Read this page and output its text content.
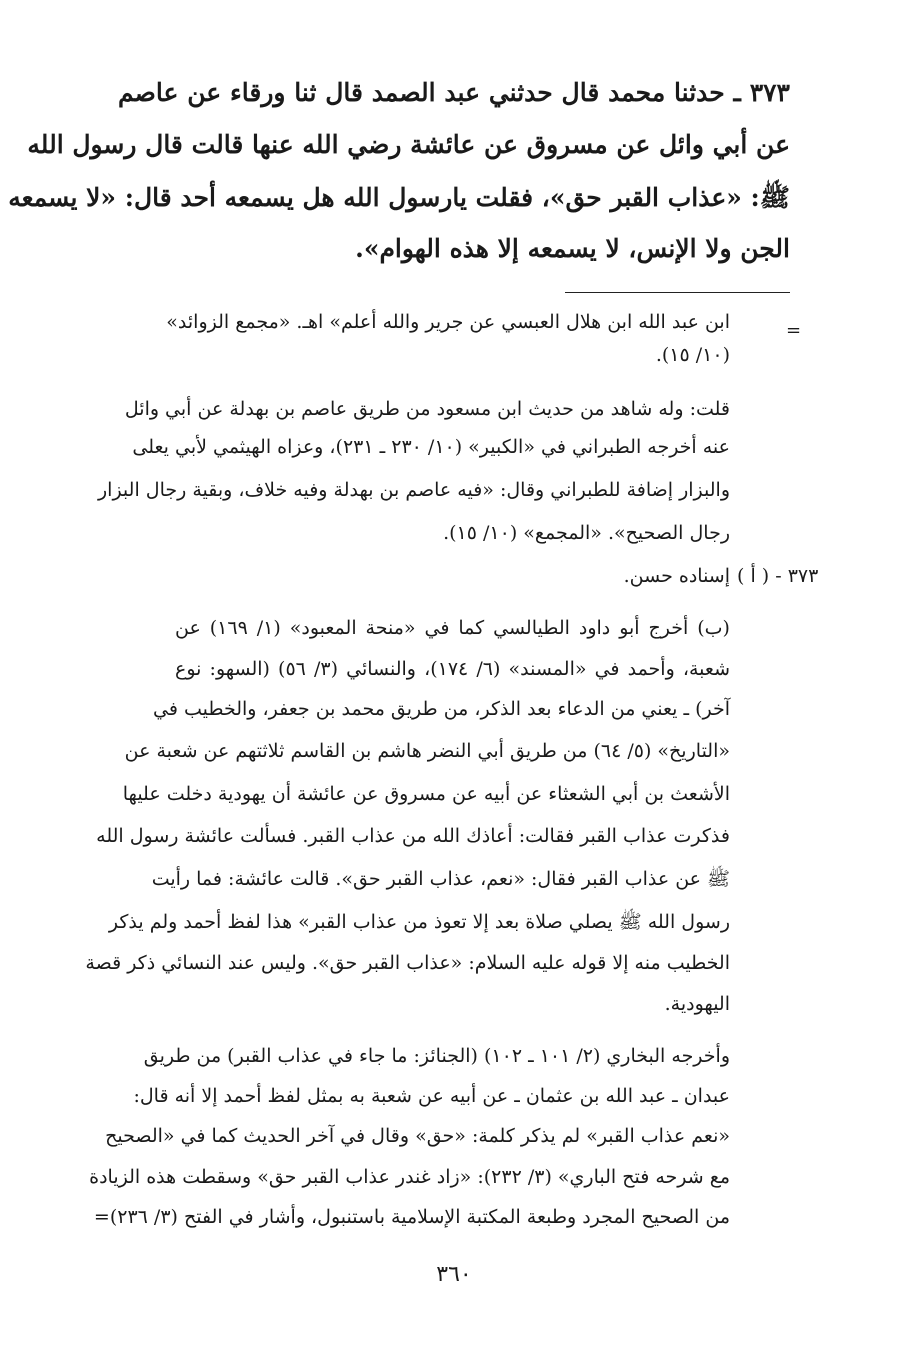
٣٧٣ ـ حدثنا محمد قال حدثني عبد الصمد قال ثنا ورقاء عن عاصم
عن أبي وائل عن مسروق عن عائشة رضي الله عنها قالت قال رسول الله
ﷺ: «عذاب القبر حق»، فقلت يارسول الله هل يسمعه أحد قال: «لا يسمعه
الجن ولا الإنس، لا يسمعه إلا هذه الهوام».
=
ابن عبد الله ابن هلال العبسي عن جرير والله أعلم» اهـ. «مجمع الزوائد»
(١٠/ ١٥).
قلت: وله شاهد من حديث ابن مسعود من طريق عاصم بن بهدلة عن أبي وائل
عنه أخرجه الطبراني في «الكبير» (١٠/ ٢٣٠ ـ ٢٣١)، وعزاه الهيثمي لأبي يعلى
والبزار إضافة للطبراني وقال: «فيه عاصم بن بهدلة وفيه خلاف، وبقية رجال البزار
رجال الصحيح». «المجمع» (١٠/ ١٥).
٣٧٣ - ( أ )
إسناده حسن.
(ب) أخرج أبو داود الطيالسي كما في «منحة المعبود» (١/ ١٦٩) عن
شعبة، وأحمد في «المسند» (٦/ ١٧٤)، والنسائي (٣/ ٥٦) (السهو: نوع
آخر) ـ يعني من الدعاء بعد الذكر، من طريق محمد بن جعفر، والخطيب في
«التاريخ» (٥/ ٦٤) من طريق أبي النضر هاشم بن القاسم ثلاثتهم عن شعبة عن
الأشعث بن أبي الشعثاء عن أبيه عن مسروق عن عائشة أن يهودية دخلت عليها
فذكرت عذاب القبر فقالت: أعاذك الله من عذاب القبر. فسألت عائشة رسول الله
ﷺ عن عذاب القبر فقال: «نعم، عذاب القبر حق». قالت عائشة: فما رأيت
رسول الله ﷺ يصلي صلاة بعد إلا تعوذ من عذاب القبر» هذا لفظ أحمد ولم يذكر
الخطيب منه إلا قوله عليه السلام: «عذاب القبر حق». وليس عند النسائي ذكر قصة
اليهودية.
وأخرجه البخاري (٢/ ١٠١ ـ ١٠٢) (الجنائز: ما جاء في عذاب القبر) من طريق
عبدان ـ عبد الله بن عثمان ـ عن أبيه عن شعبة به بمثل لفظ أحمد إلا أنه قال:
«نعم عذاب القبر» لم يذكر كلمة: «حق» وقال في آخر الحديث كما في «الصحيح
مع شرحه فتح الباري» (٣/ ٢٣٢): «زاد غندر عذاب القبر حق» وسقطت هذه الزيادة
من الصحيح المجرد وطبعة المكتبة الإسلامية باستنبول، وأشار في الفتح (٣/ ٢٣٦)=
٣٦٠
